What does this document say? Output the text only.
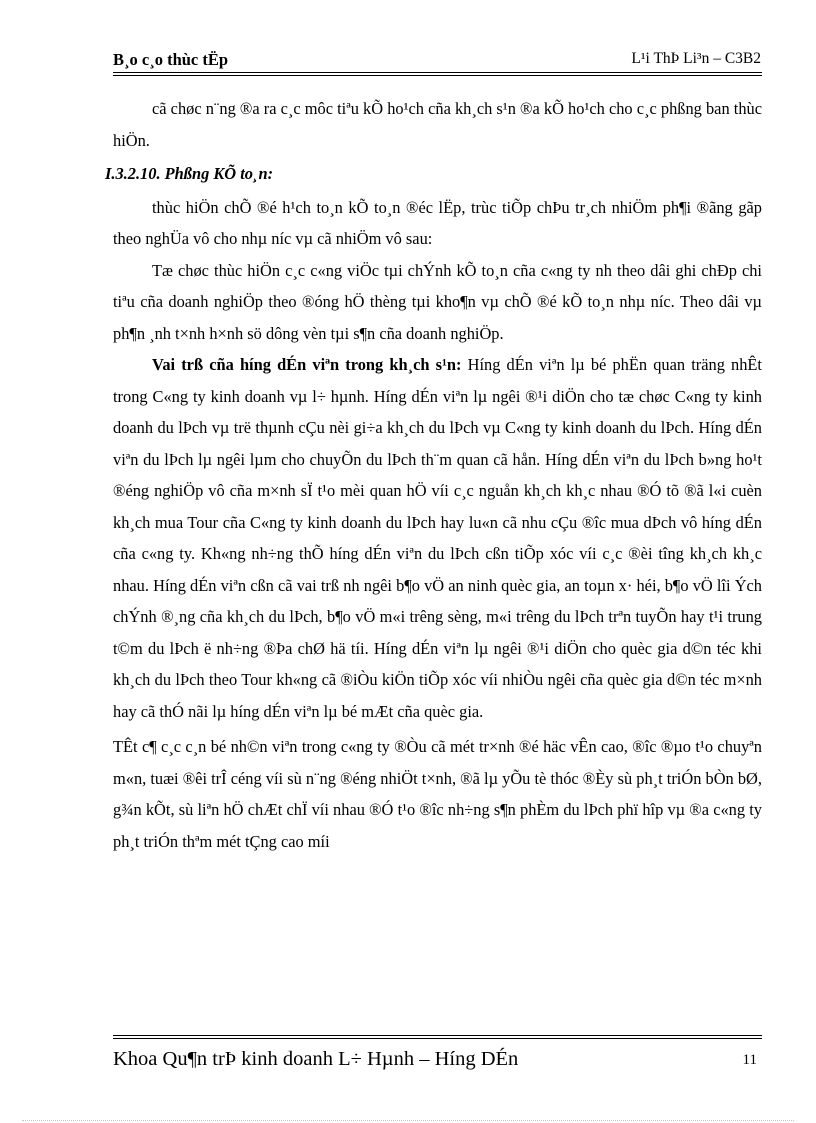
B¸o c¸o thùc tËp	L¹i ThÞ Li³n – C3B2

cã chøc n¨ng ®a ra c¸c môc tiªu kÕ ho¹ch cña kh¸ch s¹n ®a kÕ ho¹ch cho c¸c phßng ban thùc hiÖn.

I.3.2.10. Phßng KÕ to¸n:

thùc hiÖn chÕ ®é h¹ch to¸n kÕ to¸n ®éc lËp, trùc tiÕp chÞu tr¸ch nhiÖm ph¶i ®ãng gãp theo nghÜa vô cho nhµ níc vµ cã nhiÖm vô sau:

Tæ chøc thùc hiÖn c¸c c«ng viÖc tµi chÝnh kÕ to¸n cña c«ng ty nh theo dâi ghi chÐp chi tiªu cña doanh nghiÖp theo ®óng hÖ thèng tµi kho¶n vµ chÕ ®é kÕ to¸n nhµ níc. Theo dâi vµ ph¶n ¸nh t×nh h×nh sö dông vèn tµi s¶n cña doanh nghiÖp.

Vai trß cña híng dÉn viªn trong kh¸ch s¹n: Híng dÉn viªn lµ bé phËn quan träng nhÊt trong C«ng ty kinh doanh vµ l÷ hµnh. Híng dÉn viªn lµ ngêi ®¹i diÖn cho tæ chøc C«ng ty kinh doanh du lÞch vµ trë thµnh cÇu nèi gi÷a kh¸ch du lÞch vµ C«ng ty kinh doanh du lÞch. Híng dÉn viªn du lÞch lµ ngêi lµm cho chuyÕn du lÞch th¨m quan cã hån. Híng dÉn viªn du lÞch b»ng ho¹t ®éng nghiÖp vô cña m×nh sÏ t¹o mèi quan hÖ víi c¸c nguån kh¸ch kh¸c nhau ®Ó tõ ®ã l«i cuèn kh¸ch mua Tour cña C«ng ty kinh doanh du lÞch hay lu«n cã nhu cÇu ®îc mua dÞch vô híng dÉn cña c«ng ty. Kh«ng nh÷ng thÕ híng dÉn viªn du lÞch cßn tiÕp xóc víi c¸c ®èi tîng kh¸ch kh¸c nhau. Híng dÉn viªn cßn cã vai trß nh ngêi b¶o vÖ an ninh quèc gia, an toµn x· héi, b¶o vÖ lîi Ých chÝnh ®¸ng cña kh¸ch du lÞch, b¶o vÖ m«i trêng sèng, m«i trêng du lÞch trªn tuyÕn hay t¹i trung t©m du lÞch ë nh÷ng ®Þa chØ hä tíi. Híng dÉn viªn lµ ngêi ®¹i diÖn cho quèc gia d©n téc khi kh¸ch du lÞch theo Tour kh«ng cã ®iÒu kiÖn tiÕp xóc víi nhiÒu ngêi cña quèc gia d©n téc m×nh hay cã thÓ nãi lµ híng dÉn viªn lµ bé mÆt cña quèc gia.

TÊt c¶ c¸c c¸n bé nh©n viªn trong c«ng ty ®Òu cã mét tr×nh ®é häc vÊn cao, ®îc ®µo t¹o chuyªn m«n, tuæi ®êi trÎ céng víi sù n¨ng ®éng nhiÖt t×nh, ®ã lµ yÕu tè thóc ®Èy sù ph¸t triÓn bÒn bØ, g¾n kÕt, sù liªn hÖ chÆt chÏ víi nhau ®Ó t¹o ®îc nh÷ng s¶n phÈm du lÞch phï hîp vµ ®a c«ng ty ph¸t triÓn thªm mét tÇng cao míi

Khoa Qu¶n trÞ kinh doanh L÷ Hµnh – Híng DÉn	11
